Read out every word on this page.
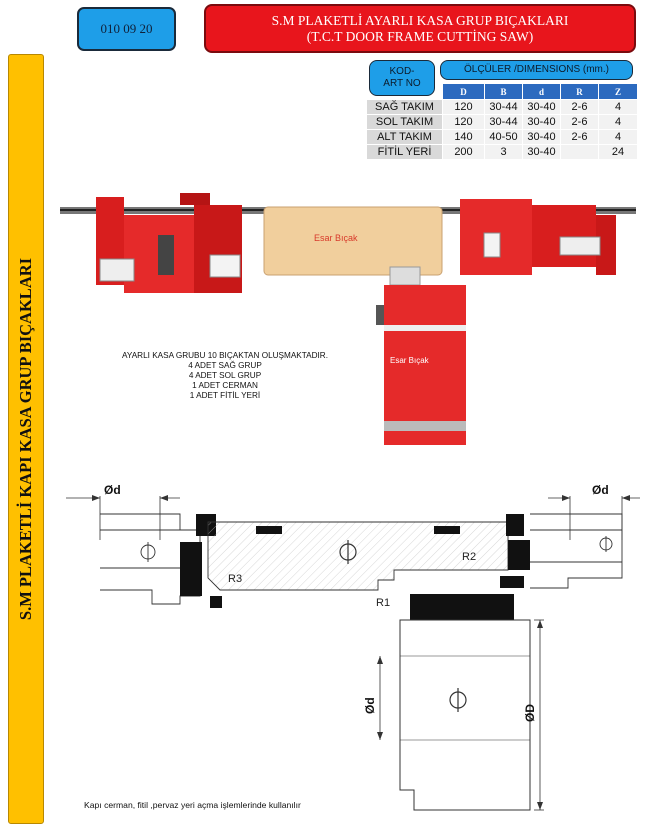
010 09 20
S.M PLAKETLİ AYARLI KASA GRUP BIÇAKLARI
(T.C.T DOOR FRAME CUTTİNG SAW)
S.M PLAKETLİ KAPI KASA GRUP BIÇAKLARI
KOD-
ART NO
ÖLÇÜLER /DIMENSIONS (mm.)
	D	B	d	R	Z
SAĞ TAKIM	120	30-44	30-40	2-6	4
SOL TAKIM	120	30-44	30-40	2-6	4
ALT TAKIM	140	40-50	30-40	2-6	4
FİTİL YERİ	200	3	30-40		24
Esar Bıçak
Esar Bıçak
AYARLI KASA GRUBU 10 BIÇAKTAN OLUŞMAKTADIR.
4 ADET SAĞ GRUP
4 ADET SOL GRUP
1 ADET CERMAN
1 ADET FİTİL YERİ
Ød	Ød
R3
R2
R1
Ød	ØD
Kapı cerman, fitil ,pervaz yeri açma işlemlerinde kullanılır
